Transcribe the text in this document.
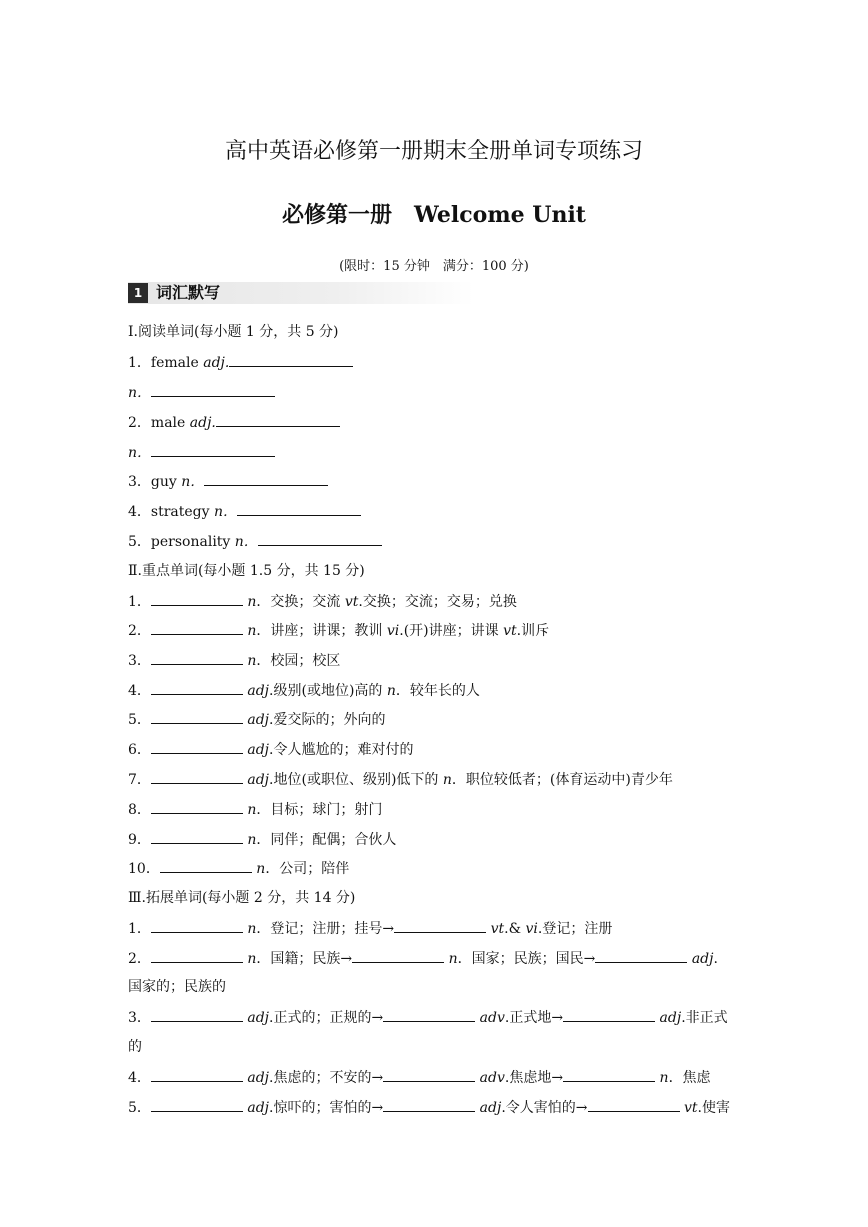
高中英语必修第一册期末全册单词专项练习
必修第一册　Welcome Unit
(限时：15 分钟　满分：100 分)
1 词汇默写
Ⅰ.阅读单词(每小题 1 分，共 5 分)
1．female adj.
n．
2．male adj.
n．
3．guy n．
4．strategy n．
5．personality n．
Ⅱ.重点单词(每小题 1.5 分，共 15 分)
1．	n．交换；交流 vt.交换；交流；交易；兑换
2．	n．讲座；讲课；教训 vi.(开)讲座；讲课 vt.训斥
3．	n．校园；校区
4．	adj.级别(或地位)高的 n．较年长的人
5．	adj.爱交际的；外向的
6．	adj.令人尴尬的；难对付的
7．	adj.地位(或职位、级别)低下的 n．职位较低者；(体育运动中)青少年
8．	n．目标；球门；射门
9．	n．同伴；配偶；合伙人
10．	n．公司；陪伴
Ⅲ.拓展单词(每小题 2 分，共 14 分)
1．	n．登记；注册；挂号→	vt.& vi.登记；注册
2．	n．国籍；民族→	n．国家；民族；国民→	adj.
国家的；民族的
3．	adj.正式的；正规的→	adv.正式地→	adj.非正式
的
4．	adj.焦虑的；不安的→	adv.焦虑地→	n．焦虑
5．	adj.惊吓的；害怕的→	adj.令人害怕的→	vt.使害
